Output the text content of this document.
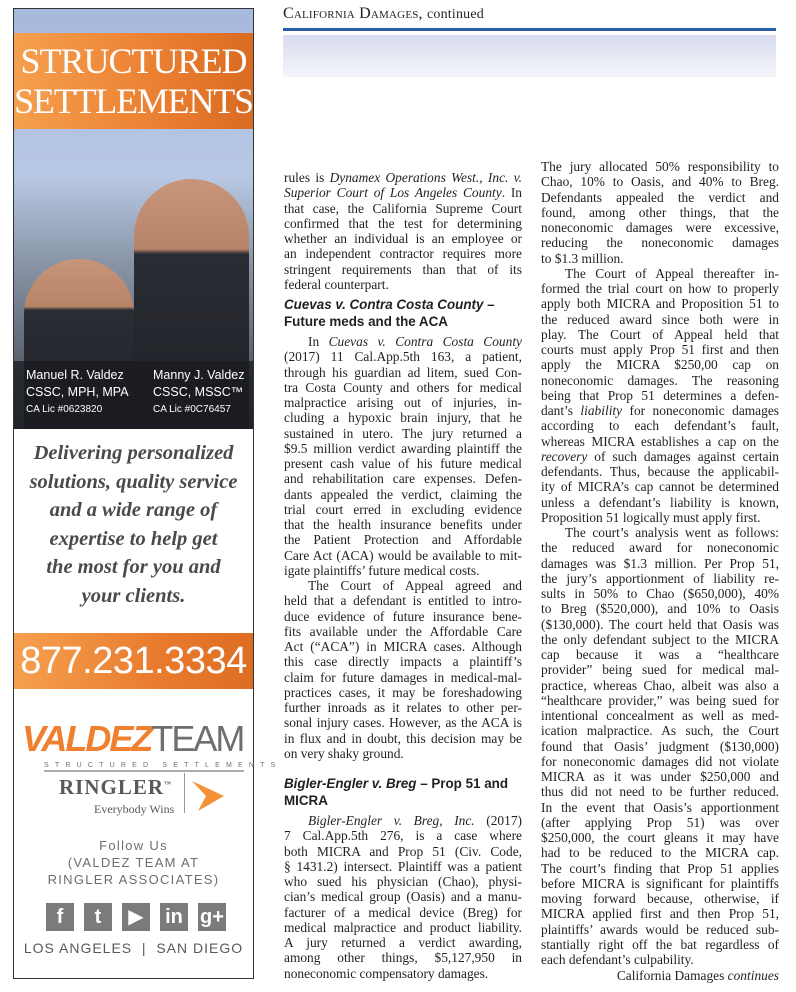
California Damages, continued
STRUCTURED
SETTLEMENTS
Manuel R. Valdez
CSSC, MPH, MPA
CA Lic #0623820
Manny J. Valdez
CSSC, MSSC™
CA Lic #0C76457
Delivering personalized
solutions, quality service
and a wide range of
expertise to help get
the most for you and
your clients.
877.231.3334
VALDEZTEAM
STRUCTURED SETTLEMENTS
RINGLER™
Everybody Wins
Follow Us
(VALDEZ TEAM AT
RINGLER ASSOCIATES)
f	t	▶	in g+
LOS ANGELES  |  SAN DIEGO
rules is Dynamex Operations West., Inc. v.
Superior Court of Los Angeles County. In
that case, the California Supreme Court
confirmed that the test for determining
whether an individual is an employee or
an independent contractor requires more
stringent requirements than that of its
federal counterpart.
Cuevas v. Contra Costa County –
Future meds and the ACA
In Cuevas v. Contra Costa County
(2017) 11 Cal.App.5th 163, a patient,
through his guardian ad litem, sued Con-
tra Costa County and others for medical
malpractice arising out of injuries, in-
cluding a hypoxic brain injury, that he
sustained in utero. The jury returned a
$9.5 million verdict awarding plaintiff the
present cash value of his future medical
and rehabilitation care expenses. Defen-
dants appealed the verdict, claiming the
trial court erred in excluding evidence
that the health insurance benefits under
the Patient Protection and Affordable
Care Act (ACA) would be available to mit-
igate plaintiffs’ future medical costs.
The Court of Appeal agreed and
held that a defendant is entitled to intro-
duce evidence of future insurance bene-
fits available under the Affordable Care
Act (“ACA”) in MICRA cases. Although
this case directly impacts a plaintiff’s
claim for future damages in medical-mal-
practices cases, it may be foreshadowing
further inroads as it relates to other per-
sonal injury cases. However, as the ACA is
in flux and in doubt, this decision may be
on very shaky ground.
Bigler-Engler v. Breg – Prop 51 and
MICRA
Bigler-Engler v. Breg, Inc. (2017)
7 Cal.App.5th 276, is a case where
both MICRA and Prop 51 (Civ. Code,
§ 1431.2) intersect. Plaintiff was a patient
who sued his physician (Chao), physi-
cian’s medical group (Oasis) and a manu-
facturer of a medical device (Breg) for
medical malpractice and product liability.
A jury returned a verdict awarding,
among other things, $5,127,950 in
noneconomic compensatory damages.
The jury allocated 50% responsibility to
Chao, 10% to Oasis, and 40% to Breg.
Defendants appealed the verdict and
found, among other things, that the
noneconomic damages were excessive,
reducing the noneconomic damages
to $1.3 million.
The Court of Appeal thereafter in-
formed the trial court on how to properly
apply both MICRA and Proposition 51 to
the reduced award since both were in
play. The Court of Appeal held that
courts must apply Prop 51 first and then
apply the MICRA $250,00 cap on
noneconomic damages. The reasoning
being that Prop 51 determines a defen-
dant’s liability for noneconomic damages
according to each defendant’s fault,
whereas MICRA establishes a cap on the
recovery of such damages against certain
defendants. Thus, because the applicabil-
ity of MICRA’s cap cannot be determined
unless a defendant’s liability is known,
Proposition 51 logically must apply first.
The court’s analysis went as follows:
the reduced award for noneconomic
damages was $1.3 million. Per Prop 51,
the jury’s apportionment of liability re-
sults in 50% to Chao ($650,000), 40%
to Breg ($520,000), and 10% to Oasis
($130,000). The court held that Oasis was
the only defendant subject to the MICRA
cap because it was a “healthcare
provider” being sued for medical mal-
practice, whereas Chao, albeit was also a
“healthcare provider,” was being sued for
intentional concealment as well as med-
ication malpractice. As such, the Court
found that Oasis’ judgment ($130,000)
for noneconomic damages did not violate
MICRA as it was under $250,000 and
thus did not need to be further reduced.
In the event that Oasis’s apportionment
(after applying Prop 51) was over
$250,000, the court gleans it may have
had to be reduced to the MICRA cap.
The court’s finding that Prop 51 applies
before MICRA is significant for plaintiffs
moving forward because, otherwise, if
MICRA applied first and then Prop 51,
plaintiffs’ awards would be reduced sub-
stantially right off the bat regardless of
each defendant’s culpability.
California Damages continues
